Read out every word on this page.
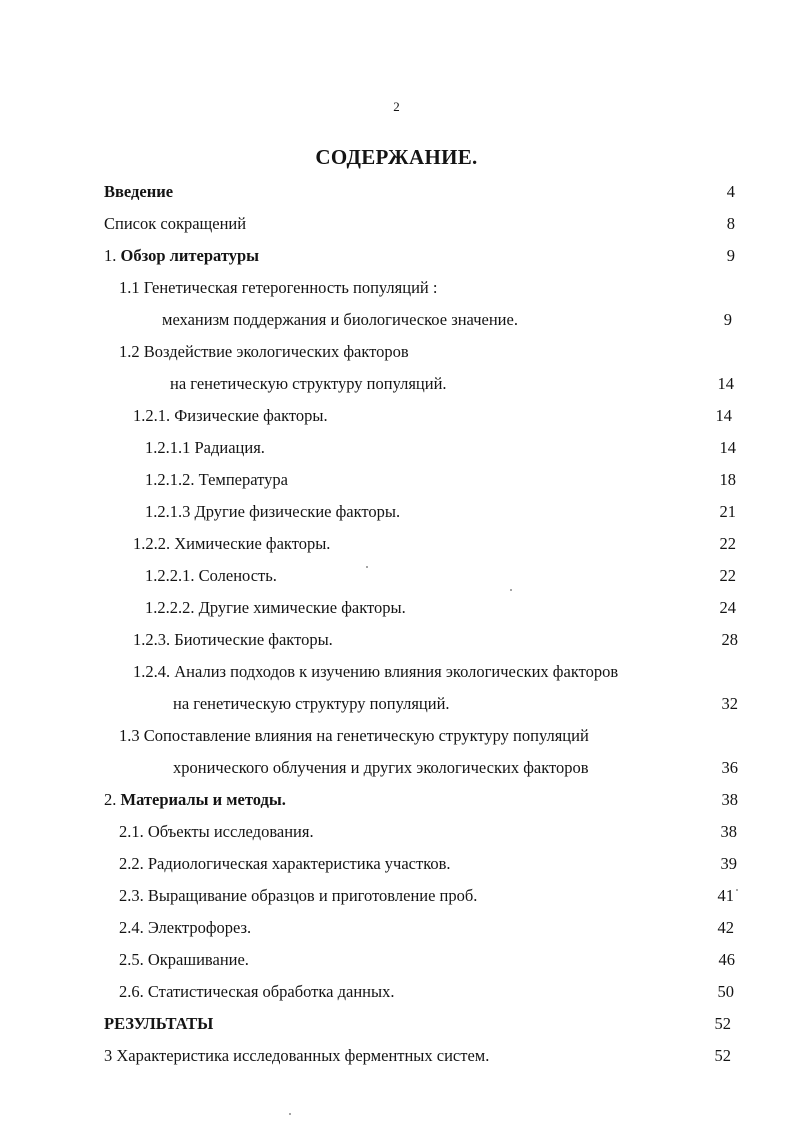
2
СОДЕРЖАНИЕ.
Введение	4
Список сокращений	8
1. Обзор литературы	9
1.1 Генетическая гетерогенность популяций :
механизм поддержания и биологическое значение.	9
1.2 Воздействие экологических факторов
на генетическую структуру популяций.	14
1.2.1. Физические факторы.	14
1.2.1.1 Радиация.	14
1.2.1.2. Температура	18
1.2.1.3 Другие физические факторы.	21
1.2.2. Химические факторы.	22
1.2.2.1. Соленость.	22
1.2.2.2. Другие химические факторы.	24
1.2.3. Биотические факторы.	28
1.2.4. Анализ подходов к изучению влияния экологических факторов
на генетическую структуру популяций.	32
1.3 Сопоставление влияния на генетическую структуру популяций
хронического облучения и других экологических факторов	36
2. Материалы и методы.	38
2.1. Объекты исследования.	38
2.2. Радиологическая характеристика участков.	39
2.3. Выращивание образцов и приготовление проб.	41
2.4. Электрофорез.	42
2.5. Окрашивание.	46
2.6. Статистическая обработка данных.	50
РЕЗУЛЬТАТЫ	52
3 Характеристика исследованных ферментных систем.	52
